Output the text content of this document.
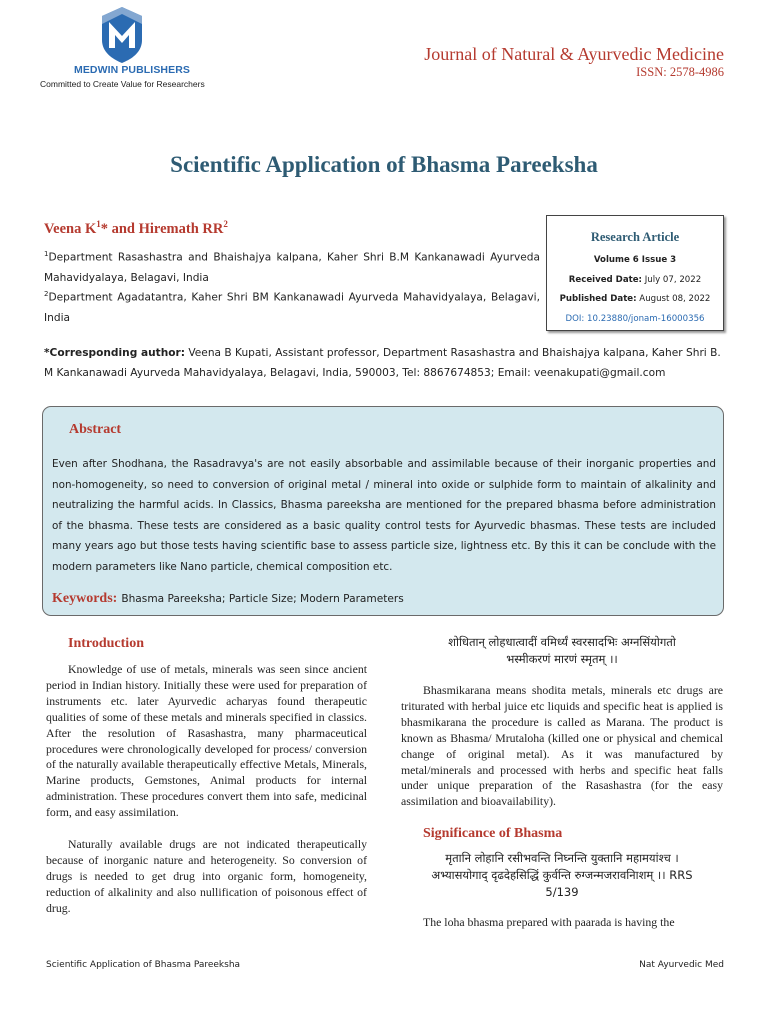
MEDWIN PUBLISHERS
Committed to Create Value for Researchers
Journal of Natural & Ayurvedic Medicine
ISSN: 2578-4986
Scientific Application of Bhasma Pareeksha
Veena $K^1*$ and Hiremath $RR^2$
$^1$Department Rasashastra and Bhaishajya kalpana, Kaher Shri B.M Kankanawadi Ayurveda Mahavidyalaya, Belagavi, India
$^2$Department Agadatantra, Kaher Shri BM Kankanawadi Ayurveda Mahavidyalaya, Belagavi, India
Research Article
Volume 6 Issue 3
Received Date: July 07, 2022
Published Date: August 08, 2022
DOI: 10.23880/jonam-16000356
*Corresponding author: Veena B Kupati, Assistant professor, Department Rasashastra and Bhaishajya kalpana, Kaher Shri B. M Kankanawadi Ayurveda Mahavidyalaya, Belagavi, India, 590003, Tel: 8867674853; Email: veenakupati@gmail.com
Abstract
Even after Shodhana, the Rasadravya's are not easily absorbable and assimilable because of their inorganic properties and non-homogeneity, so need to conversion of original metal / mineral into oxide or sulphide form to maintain of alkalinity and neutralizing the harmful acids. In Classics, Bhasma pareeksha are mentioned for the prepared bhasma before administration of the bhasma. These tests are considered as a basic quality control tests for Ayurvedic bhasmas. These tests are included many years ago but those tests having scientific base to assess particle size, lightness etc. By this it can be conclude with the modern parameters like Nano particle, chemical composition etc.
Keywords: Bhasma Pareeksha; Particle Size; Modern Parameters
Introduction

Knowledge of use of metals, minerals was seen since ancient period in Indian history. Initially these were used for preparation of instruments etc. later Ayurvedic acharyas found therapeutic qualities of some of these metals and minerals specified in classics. After the resolution of Rasashastra, many pharmaceutical procedures were chronologically developed for process/ conversion of the naturally available therapeutically effective Metals, Minerals, Marine products, Gemstones, Animal products for internal administration. These procedures convert them into safe, medicinal form, and easy assimilation.

Naturally available drugs are not indicated therapeutically because of inorganic nature and heterogeneity. So conversion of drugs is needed to get drug into organic form, homogeneity, reduction of alkalinity and also nullification of poisonous effect of drug.

शोधितान् लोहधात्वादीं वमिर्ध्यं स्वरसादभिः अग्नसिंयोगतो
भस्मीकरणं मारणं स्मृतम् ।।

Bhasmikarana means shodita metals, minerals etc drugs are triturated with herbal juice etc liquids and specific heat is applied is bhasmikarana the procedure is called as Marana. The product is known as Bhasma/ Mrutaloha (killed one or physical and chemical change of original metal). As it was manufactured by metal/minerals and processed with herbs and specific heat falls under unique preparation of the Rasashastra (for the easy assimilation and bioavailability).

Significance of Bhasma
मृतानि लोहानि रसीभवन्ति निघ्नन्ति युक्तानि महामयांश्च ।
अभ्यासयोगाद् दृढदेहसिद्धिं कुर्वन्ति रुग्जन्मजरावनिाशम् ।। RRS
5/139

The loha bhasma prepared with paarada is having the

Scientific Application of Bhasma Pareeksha	Nat Ayurvedic Med
